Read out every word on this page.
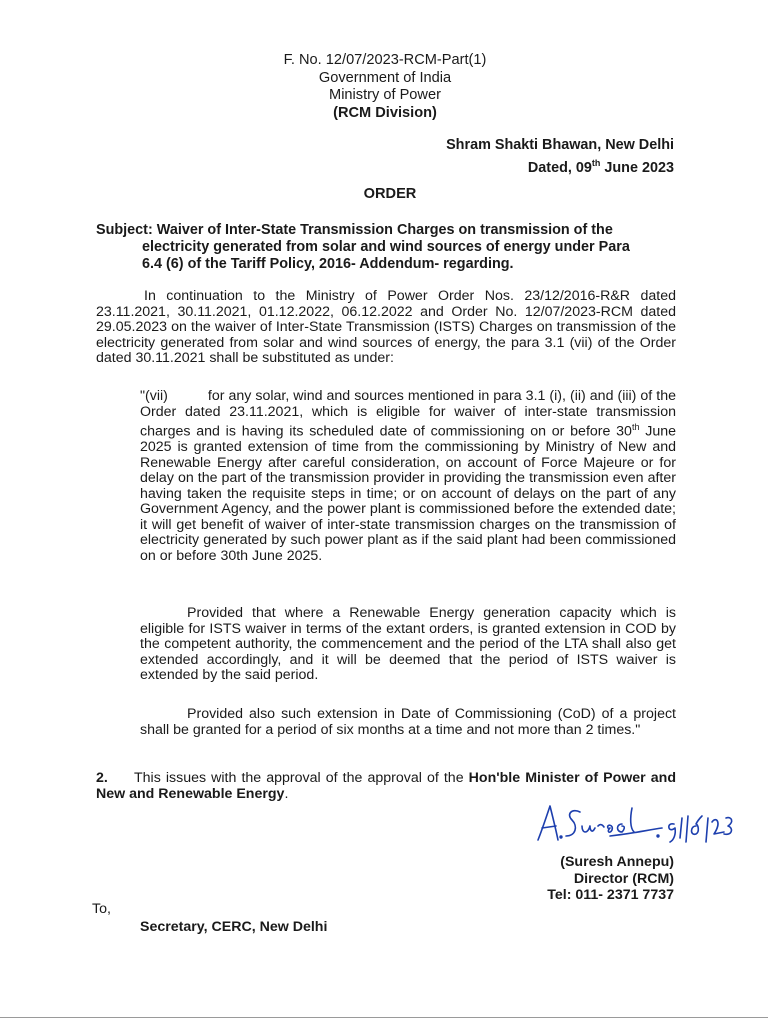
F. No. 12/07/2023-RCM-Part(1)
Government of India
Ministry of Power
(RCM Division)
Shram Shakti Bhawan, New Delhi
Dated, 09th June 2023
ORDER
Subject: Waiver of Inter-State Transmission Charges on transmission of the
electricity generated from solar and wind sources of energy under Para
6.4 (6) of the Tariff Policy, 2016- Addendum- regarding.
In continuation to the Ministry of Power Order Nos. 23/12/2016-R&R dated 23.11.2021, 30.11.2021, 01.12.2022, 06.12.2022 and Order No. 12/07/2023-RCM dated 29.05.2023 on the waiver of Inter-State Transmission (ISTS) Charges on transmission of the electricity generated from solar and wind sources of energy, the para 3.1 (vii) of the Order dated 30.11.2021 shall be substituted as under:
"(vii)	for any solar, wind and sources mentioned in para 3.1 (i), (ii) and (iii) of the Order dated 23.11.2021, which is eligible for waiver of inter-state transmission charges and is having its scheduled date of commissioning on or before 30th June 2025 is granted extension of time from the commissioning by Ministry of New and Renewable Energy after careful consideration, on account of Force Majeure or for delay on the part of the transmission provider in providing the transmission even after having taken the requisite steps in time; or on account of delays on the part of any Government Agency, and the power plant is commissioned before the extended date; it will get benefit of waiver of inter-state transmission charges on the transmission of electricity generated by such power plant as if the said plant had been commissioned on or before 30th June 2025.
Provided that where a Renewable Energy generation capacity which is eligible for ISTS waiver in terms of the extant orders, is granted extension in COD by the competent authority, the commencement and the period of the LTA shall also get extended accordingly, and it will be deemed that the period of ISTS waiver is extended by the said period.
Provided also such extension in Date of Commissioning (CoD) of a project shall be granted for a period of six months at a time and not more than 2 times."
2. This issues with the approval of the approval of the Hon'ble Minister of Power and New and Renewable Energy.
(Suresh Annepu)
Director (RCM)
Tel: 011- 2371 7737
To,
Secretary, CERC, New Delhi
